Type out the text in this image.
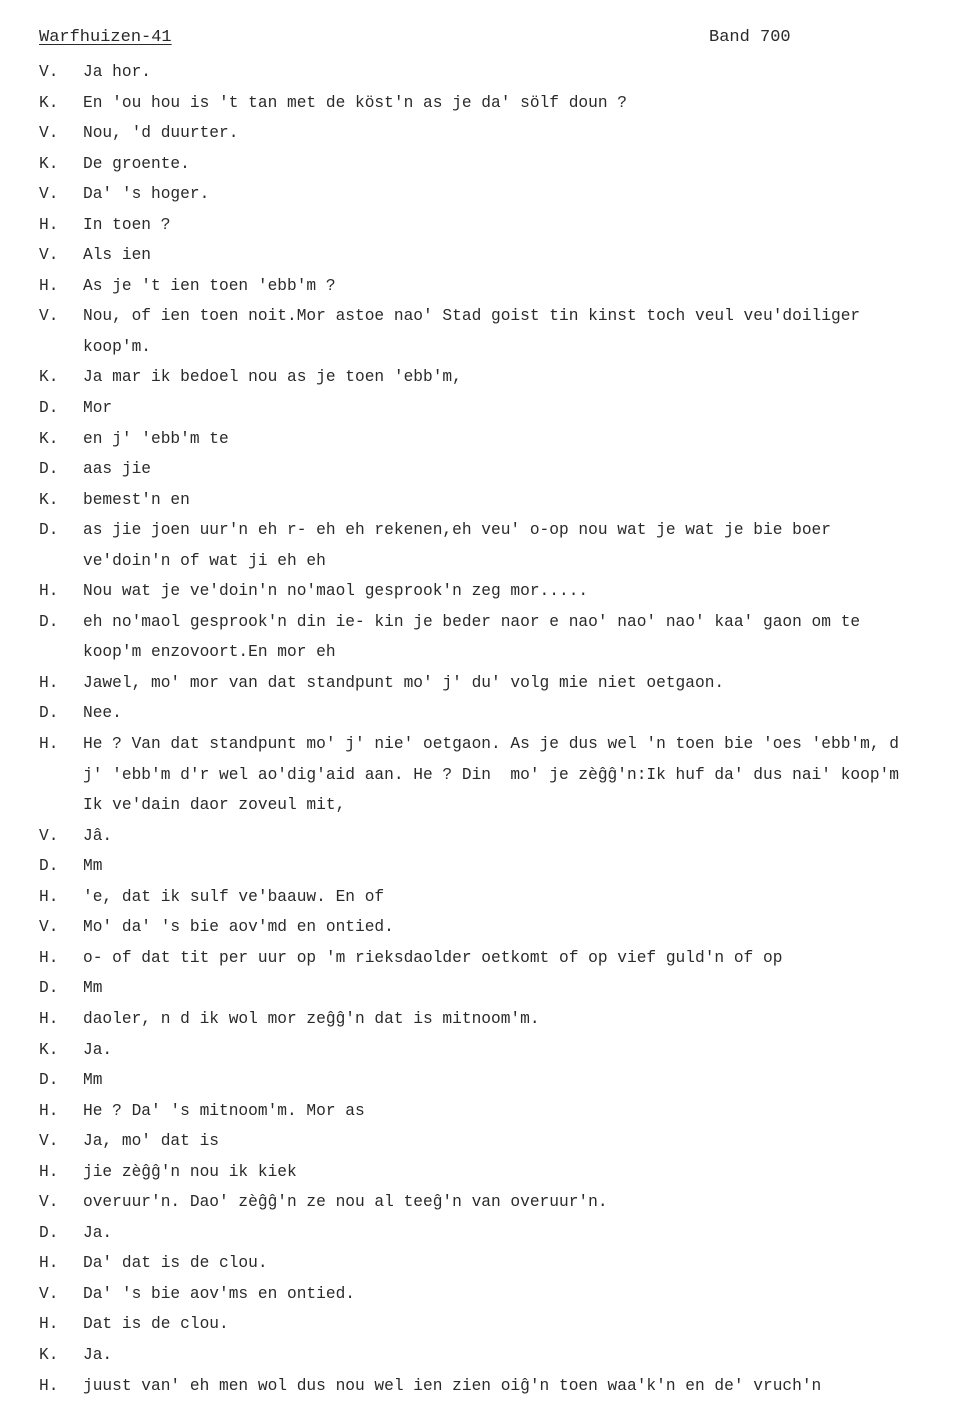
Warfhuizen-41	Band 700
V.	Ja hor.
K.	En 'ou hou is 't tan met de köst'n as je da' sölf doun ?
V.	Nou, 'd duurter.
K.	De groente.
V.	Da' 's hoger.
H.	In toen ?
V.	Als ien
H.	As je 't ien toen 'ebb'm ?
V.	Nou, of ien toen noit.Mor astoe nao' Stad goist tin kinst toch veul veu'doiliger
koop'm.
K.	Ja mar ik bedoel nou as je toen 'ebb'm,
D.	Mor
K.	en j' 'ebb'm te
D.	aas jie
K.	bemest'n en
D.	as jie joen uur'n eh r- eh eh rekenen,eh veu' o-op nou wat je wat je bie boer
ve'doin'n of wat ji eh eh
H.	Nou wat je ve'doin'n no'maol gesprook'n zeg mor.....
D.	eh no'maol gesprook'n din ie- kin je beder naor e nao' nao' nao' kaa' gaon om te
koop'm enzovoort.En mor eh
H.	Jawel, mo' mor van dat standpunt mo' j' du' volg mie niet oetgaon.
D.	Nee.
H.	He ? Van dat standpunt mo' j' nie' oetgaon. As je dus wel 'n toen bie 'oes 'ebb'm, d
j' 'ebb'm d'r wel ao'dig'aid aan. He ? Din  mo' je zèĝĝ'n:Ik huf da' dus nai' koop'm
Ik ve'dain daor zoveul mit,
V.	Jâ.
D.	Mm
H.	'e, dat ik sulf ve'baauw. En of
V.	Mo' da' 's bie aov'md en ontied.
H.	o- of dat tit per uur op 'm rieksdaolder oetkomt of op vief guld'n of op
D.	Mm
H.	daoler, n d ik wol mor zeĝĝ'n dat is mitnoom'm.
K.	Ja.
D.	Mm
H.	He ? Da' 's mitnoom'm. Mor as
V.	Ja, mo' dat is
H.	jie zèĝĝ'n nou ik kiek
V.	overuur'n. Dao' zèĝĝ'n ze nou al teeĝ'n van overuur'n.
D.	Ja.
H.	Da' dat is de clou.
V.	Da' 's bie aov'ms en ontied.
H.	Dat is de clou.
K.	Ja.
H.	juust van' eh men wol dus nou wel ien zien oiĝ'n toen waa'k'n en de' vruch'n
